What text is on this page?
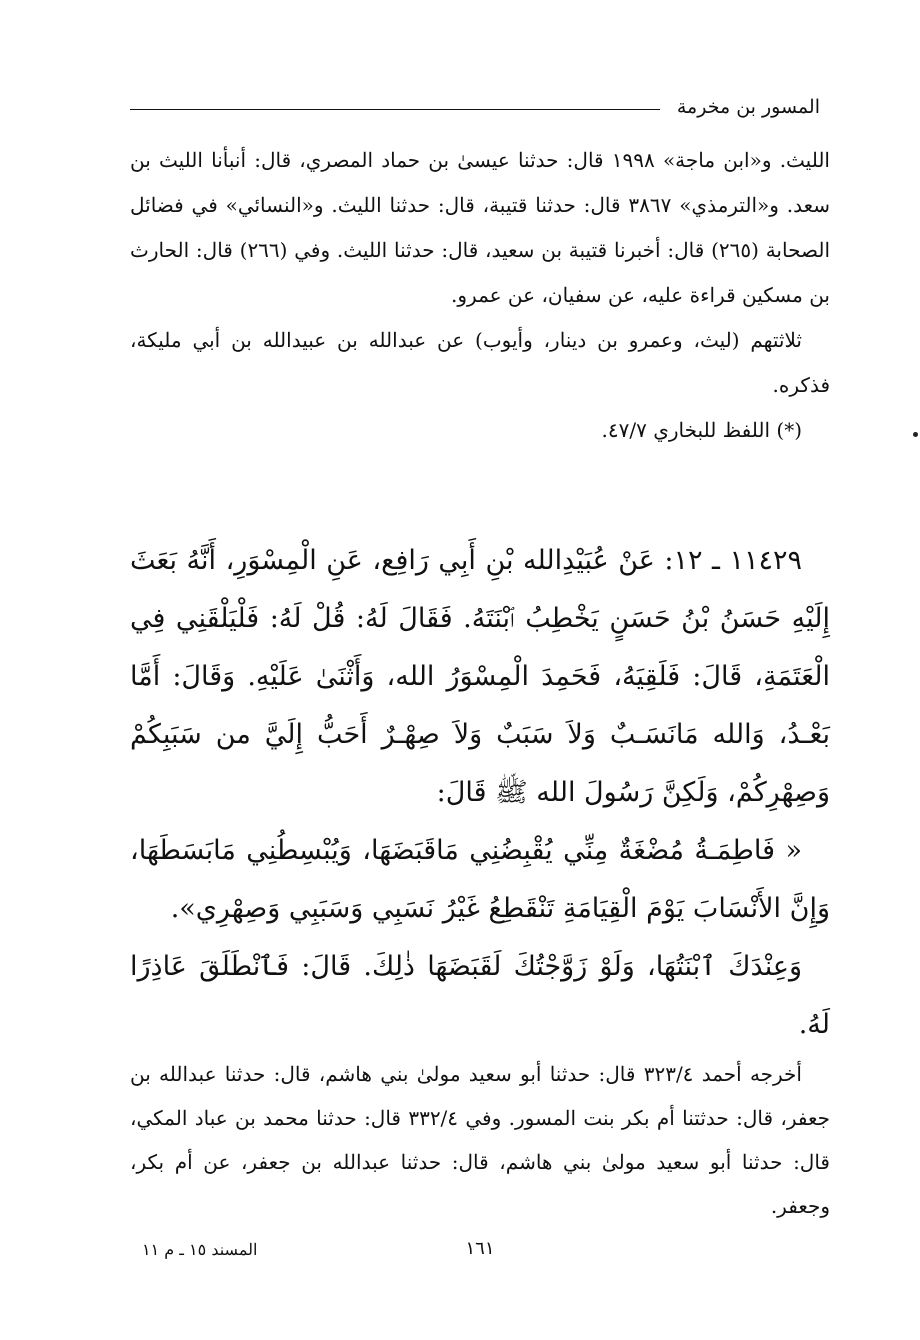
المسور بن مخرمة

الليث. و«ابن ماجة» ١٩٩٨ قال: حدثنا عيسىٰ بن حماد المصري، قال: أنبأنا الليث بن سعد. و«الترمذي» ٣٨٦٧ قال: حدثنا قتيبة، قال: حدثنا الليث. و«النسائي» في فضائل الصحابة (٢٦٥) قال: أخبرنا قتيبة بن سعيد، قال: حدثنا الليث. وفي (٢٦٦) قال: الحارث بن مسكين قراءة عليه، عن سفيان، عن عمرو.

ثلاثتهم (ليث، وعمرو بن دينار، وأيوب) عن عبدالله بن عبيدالله بن أبي مليكة، فذكره.

(*) اللفظ للبخاري ٤٧/٧.

١١٤٢٩ ـ ١٢: عَنْ عُبَيْدِالله بْنِ أَبِي رَافِع، عَنِ الْمِسْوَرِ، أَنَّهُ بَعَثَ إِلَيْهِ حَسَنُ بْنُ حَسَنٍ يَخْطِبُ ٱبْنَتَهُ. فَقَالَ لَهُ: قُلْ لَهُ: فَلْيَلْقَنِي فِي الْعَتَمَةِ، قَالَ: فَلَقِيَهُ، فَحَمِدَ الْمِسْوَرُ الله، وَأَثْنَىٰ عَلَيْهِ. وَقَالَ: أَمَّا بَعْـدُ، وَالله مَانَسَـبٌ وَلاَ سَبَبٌ وَلاَ صِهْـرٌ أَحَبُّ إِلَيَّ من سَبَبِكُمْ وَصِهْرِكُمْ، وَلَكِنَّ رَسُولَ الله ﷺ قَالَ:

« فَاطِمَـةُ مُضْغَةٌ مِنِّي يُقْبِضُنِي مَاقَبَضَهَا، وَيُبْسِطُنِي مَابَسَطَهَا، وَإِنَّ الأَنْسَابَ يَوْمَ الْقِيَامَةِ تَنْقَطِعُ غَيْرُ نَسَبِي وَسَبَبِي وَصِهْرِي».

وَعِنْدَكَ ٱبْنَتُهَا، وَلَوْ زَوَّجْتُكَ لَقَبَضَهَا ذٰلِكَ. قَالَ: فَٱنْطَلَقَ عَاذِرًا لَهُ.

أخرجه أحمد ٣٢٣/٤ قال: حدثنا أبو سعيد مولىٰ بني هاشم، قال: حدثنا عبدالله بن جعفر، قال: حدثتنا أم بكر بنت المسور. وفي ٣٣٢/٤ قال: حدثنا محمد بن عباد المكي، قال: حدثنا أبو سعيد مولىٰ بني هاشم، قال: حدثنا عبدالله بن جعفر، عن أم بكر، وجعفر.

١٦١
المسند ١٥ ـ م ١١
